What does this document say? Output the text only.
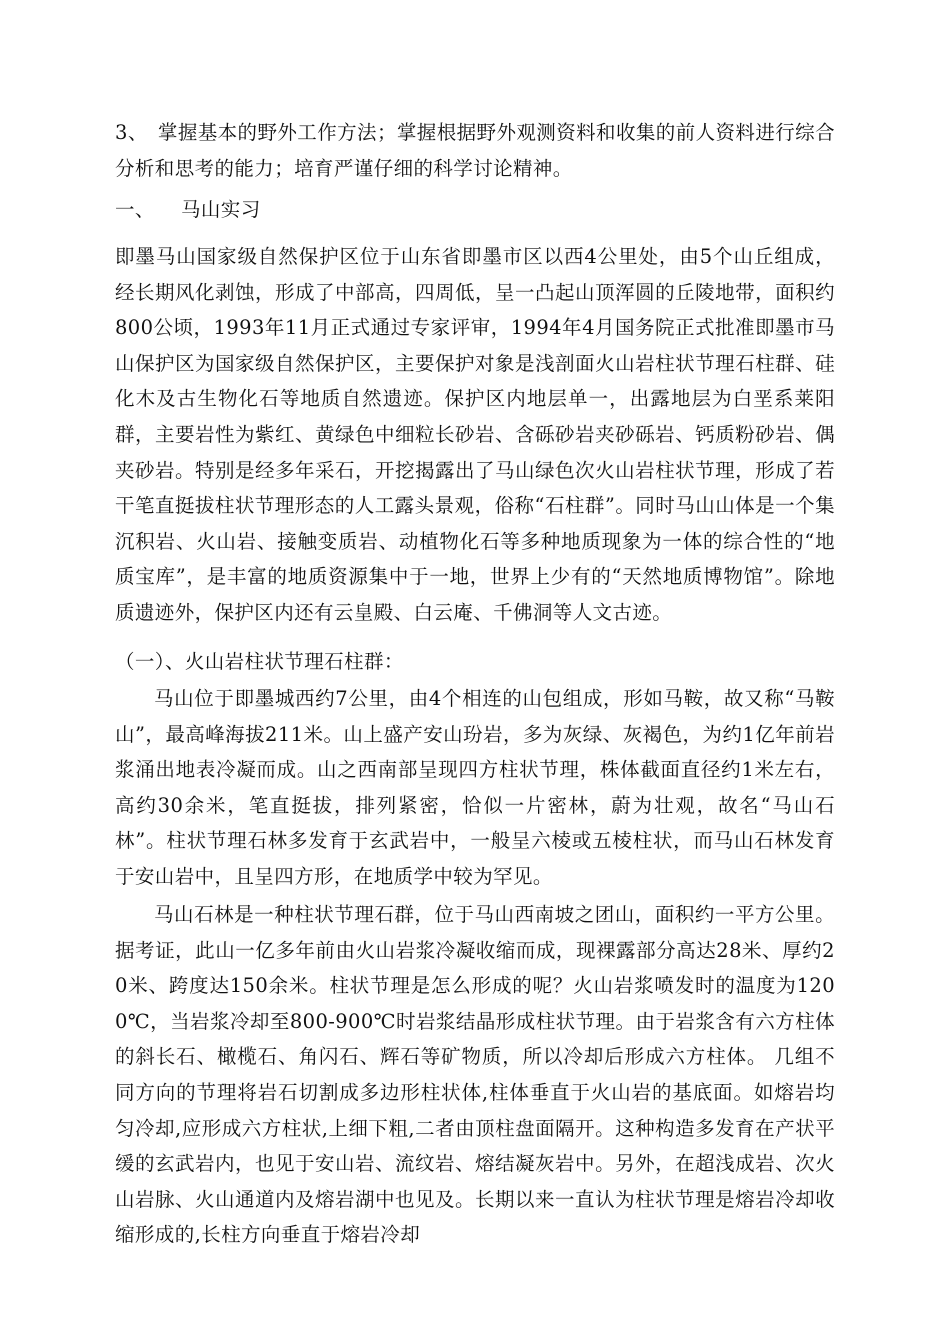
3、　掌握基本的野外工作方法；掌握根据野外观测资料和收集的前人资料进行综合分析和思考的能力；培育严谨仔细的科学讨论精神。

一、 马山实习

即墨马山国家级自然保护区位于山东省即墨市区以西4公里处，由5个山丘组成，经长期风化剥蚀，形成了中部高，四周低，呈一凸起山顶浑圆的丘陵地带，面积约800公顷，1993年11月正式通过专家评审，1994年4月国务院正式批准即墨市马山保护区为国家级自然保护区，主要保护对象是浅剖面火山岩柱状节理石柱群、硅化木及古生物化石等地质自然遗迹。保护区内地层单一，出露地层为白垩系莱阳群，主要岩性为紫红、黄绿色中细粒长砂岩、含砾砂岩夹砂砾岩、钙质粉砂岩、偶夹砂岩。特别是经多年采石，开挖揭露出了马山绿色次火山岩柱状节理，形成了若干笔直挺拔柱状节理形态的人工露头景观，俗称“石柱群”。同时马山山体是一个集沉积岩、火山岩、接触变质岩、动植物化石等多种地质现象为一体的综合性的“地质宝库”，是丰富的地质资源集中于一地，世界上少有的“天然地质博物馆”。除地质遗迹外，保护区内还有云皇殿、白云庵、千佛洞等人文古迹。

（一）、火山岩柱状节理石柱群：

马山位于即墨城西约7公里，由4个相连的山包组成，形如马鞍，故又称“马鞍山”，最高峰海拔211米。山上盛产安山玢岩，多为灰绿、灰褐色，为约1亿年前岩浆涌出地表冷凝而成。山之西南部呈现四方柱状节理，株体截面直径约1米左右，高约30余米，笔直挺拔，排列紧密，恰似一片密林，蔚为壮观，故名“马山石林”。柱状节理石林多发育于玄武岩中，一般呈六棱或五棱柱状，而马山石林发育于安山岩中，且呈四方形，在地质学中较为罕见。

马山石林是一种柱状节理石群，位于马山西南坡之团山，面积约一平方公里。据考证，此山一亿多年前由火山岩浆冷凝收缩而成，现裸露部分高达28米、厚约20米、跨度达150余米。柱状节理是怎么形成的呢？火山岩浆喷发时的温度为1200℃，当岩浆冷却至800-900℃时岩浆结晶形成柱状节理。由于岩浆含有六方柱体的斜长石、橄榄石、角闪石、辉石等矿物质，所以冷却后形成六方柱体。 几组不同方向的节理将岩石切割成多边形柱状体,柱体垂直于火山岩的基底面。如熔岩均匀冷却,应形成六方柱状,上细下粗,二者由顶柱盘面隔开。这种构造多发育在产状平缓的玄武岩内，也见于安山岩、流纹岩、熔结凝灰岩中。另外，在超浅成岩、次火山岩脉、火山通道内及熔岩湖中也见及。长期以来一直认为柱状节理是熔岩冷却收缩形成的,长柱方向垂直于熔岩冷却
